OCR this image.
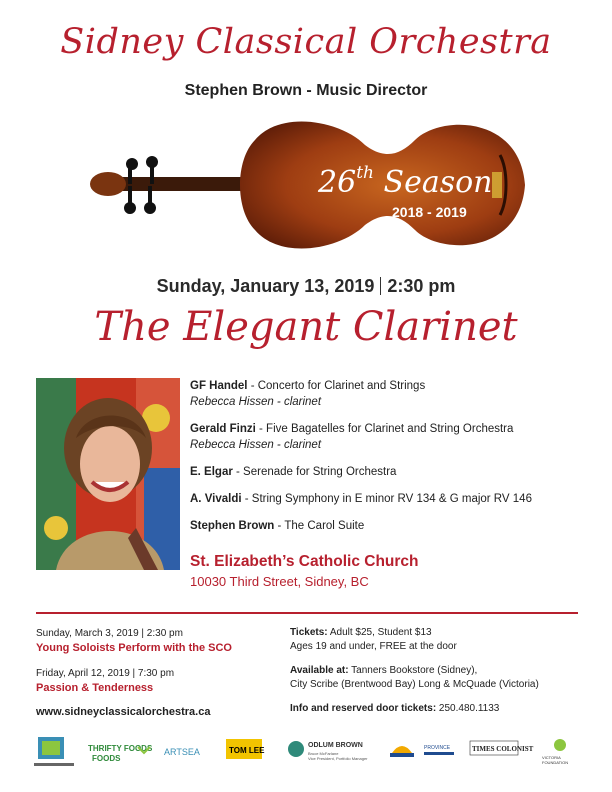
Sidney Classical Orchestra
Stephen Brown - Music Director
26th Season
2018 - 2019
Sunday, January 13, 2019 2:30 pm
The Elegant Clarinet
GF Handel - Concerto for Clarinet and Strings
Rebecca Hissen - clarinet
Gerald Finzi - Five Bagatelles for Clarinet and String Orchestra
Rebecca Hissen - clarinet
E. Elgar - Serenade for String Orchestra
A. Vivaldi - String Symphony in E minor RV 134 & G major RV 146
Stephen Brown - The Carol Suite
St. Elizabeth’s Catholic Church
10030 Third Street, Sidney, BC
Sunday, March 3, 2019 | 2:30 pm
Young Soloists Perform with the SCO
Friday, April 12, 2019 | 7:30 pm
Passion & Tenderness
www.sidneyclassicalorchestra.ca
Tickets: Adult $25, Student $13
Ages 19 and under, FREE at the door
Available at: Tanners Bookstore (Sidney),
City Scribe (Brentwood Bay) Long & McQuade (Victoria)
Info and reserved door tickets: 250.480.1133
THRIFTY FOODS
FOODS
ARTSEA	TOM LEE
ODLUM BROWN
Bruce McFarlane
Vice President, Portfolio Manager
PROVINCE	TIMES COLONIST
VICTORIA
FOUNDATION
